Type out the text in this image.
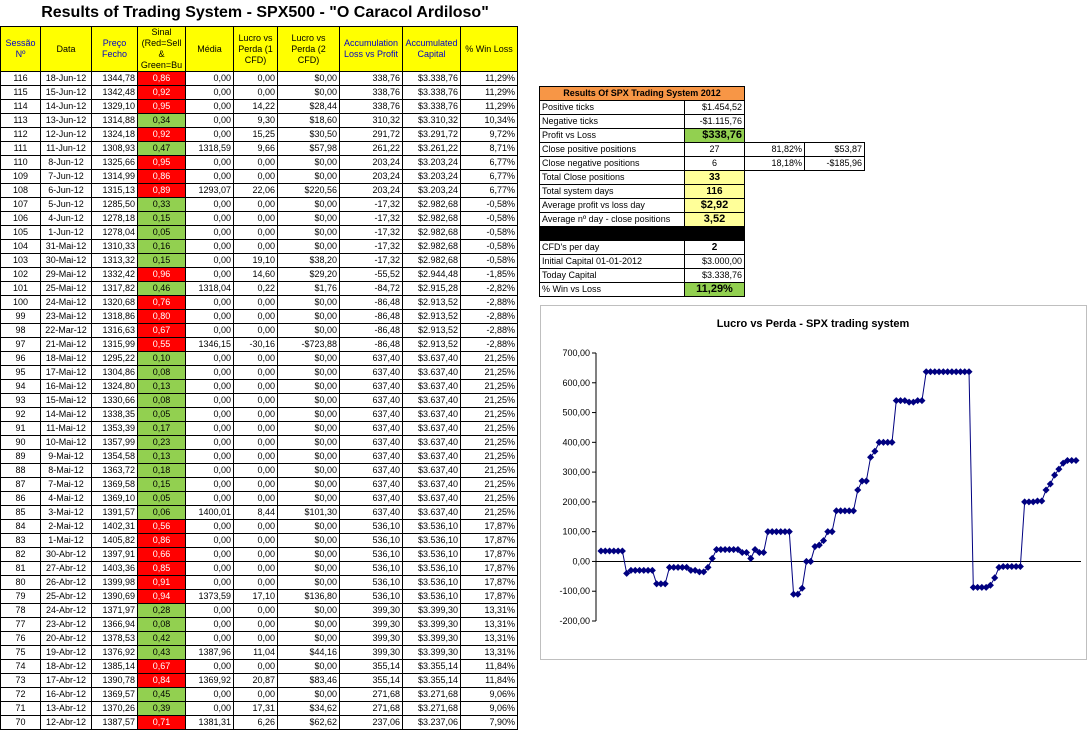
Results of Trading System - SPX500 - "O Caracol Ardiloso"
Sessão Nº	Data	Preço Fecho	Sinal (Red=Sell & Green=Bu	Média	Lucro vs Perda (1 CFD)	Lucro vs Perda (2 CFD)	Accumulation Loss vs Profit	Accumulated Capital	% Win Loss
116	18-Jun-12	1344,78	0,86	0,00	0,00	$0,00	338,76	$3.338,76	11,29%
115	15-Jun-12	1342,48	0,92	0,00	0,00	$0,00	338,76	$3.338,76	11,29%
114	14-Jun-12	1329,10	0,95	0,00	14,22	$28,44	338,76	$3.338,76	11,29%
113	13-Jun-12	1314,88	0,34	0,00	9,30	$18,60	310,32	$3.310,32	10,34%
112	12-Jun-12	1324,18	0,92	0,00	15,25	$30,50	291,72	$3.291,72	9,72%
111	11-Jun-12	1308,93	0,47	1318,59	9,66	$57,98	261,22	$3.261,22	8,71%
110	8-Jun-12	1325,66	0,95	0,00	0,00	$0,00	203,24	$3.203,24	6,77%
109	7-Jun-12	1314,99	0,86	0,00	0,00	$0,00	203,24	$3.203,24	6,77%
108	6-Jun-12	1315,13	0,89	1293,07	22,06	$220,56	203,24	$3.203,24	6,77%
107	5-Jun-12	1285,50	0,33	0,00	0,00	$0,00	-17,32	$2.982,68	-0,58%
106	4-Jun-12	1278,18	0,15	0,00	0,00	$0,00	-17,32	$2.982,68	-0,58%
105	1-Jun-12	1278,04	0,05	0,00	0,00	$0,00	-17,32	$2.982,68	-0,58%
104	31-Mai-12	1310,33	0,16	0,00	0,00	$0,00	-17,32	$2.982,68	-0,58%
103	30-Mai-12	1313,32	0,15	0,00	19,10	$38,20	-17,32	$2.982,68	-0,58%
102	29-Mai-12	1332,42	0,96	0,00	14,60	$29,20	-55,52	$2.944,48	-1,85%
101	25-Mai-12	1317,82	0,46	1318,04	0,22	$1,76	-84,72	$2.915,28	-2,82%
100	24-Mai-12	1320,68	0,76	0,00	0,00	$0,00	-86,48	$2.913,52	-2,88%
99	23-Mai-12	1318,86	0,80	0,00	0,00	$0,00	-86,48	$2.913,52	-2,88%
98	22-Mar-12	1316,63	0,67	0,00	0,00	$0,00	-86,48	$2.913,52	-2,88%
97	21-Mai-12	1315,99	0,55	1346,15	-30,16	-$723,88	-86,48	$2.913,52	-2,88%
96	18-Mai-12	1295,22	0,10	0,00	0,00	$0,00	637,40	$3.637,40	21,25%
95	17-Mai-12	1304,86	0,08	0,00	0,00	$0,00	637,40	$3.637,40	21,25%
94	16-Mai-12	1324,80	0,13	0,00	0,00	$0,00	637,40	$3.637,40	21,25%
93	15-Mai-12	1330,66	0,08	0,00	0,00	$0,00	637,40	$3.637,40	21,25%
92	14-Mai-12	1338,35	0,05	0,00	0,00	$0,00	637,40	$3.637,40	21,25%
91	11-Mai-12	1353,39	0,17	0,00	0,00	$0,00	637,40	$3.637,40	21,25%
90	10-Mai-12	1357,99	0,23	0,00	0,00	$0,00	637,40	$3.637,40	21,25%
89	9-Mai-12	1354,58	0,13	0,00	0,00	$0,00	637,40	$3.637,40	21,25%
88	8-Mai-12	1363,72	0,18	0,00	0,00	$0,00	637,40	$3.637,40	21,25%
87	7-Mai-12	1369,58	0,15	0,00	0,00	$0,00	637,40	$3.637,40	21,25%
86	4-Mai-12	1369,10	0,05	0,00	0,00	$0,00	637,40	$3.637,40	21,25%
85	3-Mai-12	1391,57	0,06	1400,01	8,44	$101,30	637,40	$3.637,40	21,25%
84	2-Mai-12	1402,31	0,56	0,00	0,00	$0,00	536,10	$3.536,10	17,87%
83	1-Mai-12	1405,82	0,86	0,00	0,00	$0,00	536,10	$3.536,10	17,87%
82	30-Abr-12	1397,91	0,66	0,00	0,00	$0,00	536,10	$3.536,10	17,87%
81	27-Abr-12	1403,36	0,85	0,00	0,00	$0,00	536,10	$3.536,10	17,87%
80	26-Abr-12	1399,98	0,91	0,00	0,00	$0,00	536,10	$3.536,10	17,87%
79	25-Abr-12	1390,69	0,94	1373,59	17,10	$136,80	536,10	$3.536,10	17,87%
78	24-Abr-12	1371,97	0,28	0,00	0,00	$0,00	399,30	$3.399,30	13,31%
77	23-Abr-12	1366,94	0,08	0,00	0,00	$0,00	399,30	$3.399,30	13,31%
76	20-Abr-12	1378,53	0,42	0,00	0,00	$0,00	399,30	$3.399,30	13,31%
75	19-Abr-12	1376,92	0,43	1387,96	11,04	$44,16	399,30	$3.399,30	13,31%
74	18-Abr-12	1385,14	0,67	0,00	0,00	$0,00	355,14	$3.355,14	11,84%
73	17-Abr-12	1390,78	0,84	1369,92	20,87	$83,46	355,14	$3.355,14	11,84%
72	16-Abr-12	1369,57	0,45	0,00	0,00	$0,00	271,68	$3.271,68	9,06%
71	13-Abr-12	1370,26	0,39	0,00	17,31	$34,62	271,68	$3.271,68	9,06%
70	12-Abr-12	1387,57	0,71	1381,31	6,26	$62,62	237,06	$3.237,06	7,90%
Results Of SPX Trading System 2012			
Positive ticks	$1.454,52		
Negative ticks	-$1.115,76		
Profit vs Loss	$338,76		
Close positive positions	27	81,82%	$53,87
Close negative positions	6	18,18%	-$185,96
Total Close positions	33		
Total system days	116		
Average profit vs loss day	$2,92		
Average nº day - close positions	3,52		

CFD's per day	2		
Initial Capital 01-01-2012	$3.000,00		
Today Capital	$3.338,76		
% Win vs Loss	11,29%		
Lucro vs Perda - SPX trading system
700,00
600,00
500,00
400,00
300,00
200,00
100,00
0,00
-100,00
-200,00
